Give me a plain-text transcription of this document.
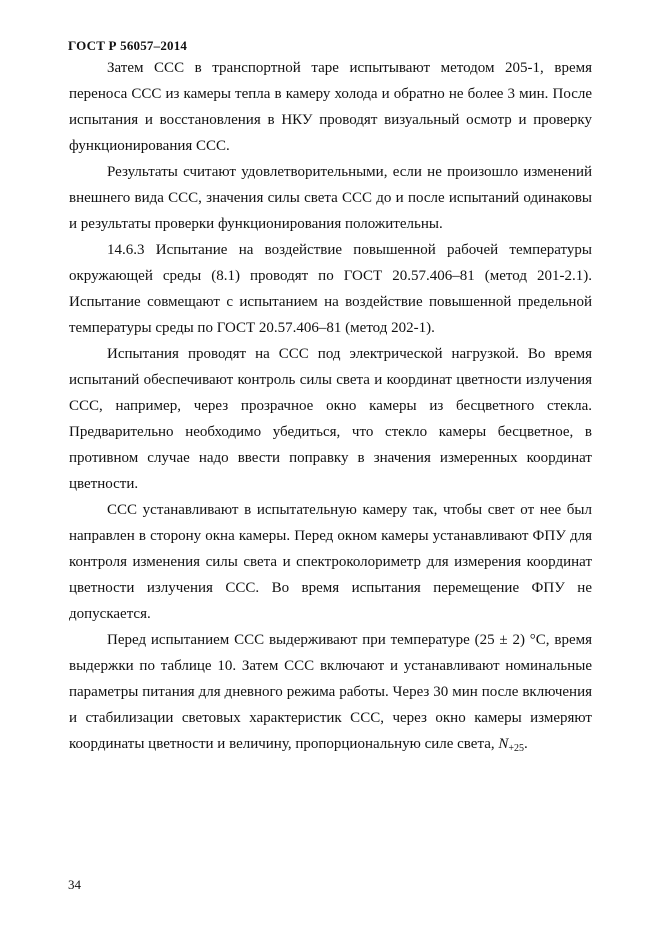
ГОСТ Р 56057–2014

Затем ССС в транспортной таре испытывают методом 205-1, время переноса ССС из камеры тепла в камеру холода и обратно не более 3 мин. После испытания и восстановления в НКУ проводят визуальный осмотр и проверку функционирования ССС.

Результаты считают удовлетворительными, если не произошло изменений внешнего вида ССС, значения силы света ССС до и после испытаний одинаковы и результаты проверки функционирования положительны.

14.6.3 Испытание на воздействие повышенной рабочей температуры окружающей среды (8.1) проводят по ГОСТ 20.57.406–81 (метод 201-2.1). Испытание совмещают с испытанием на воздействие повышенной предельной температуры среды по ГОСТ 20.57.406–81 (метод 202-1).

Испытания проводят на ССС под электрической нагрузкой. Во время испытаний обеспечивают контроль силы света и координат цветности излучения ССС, например, через прозрачное окно камеры из бесцветного стекла. Предварительно необходимо убедиться, что стекло камеры бесцветное, в противном случае надо ввести поправку в значения измеренных координат цветности.

ССС устанавливают в испытательную камеру так, чтобы свет от нее был направлен в сторону окна камеры. Перед окном камеры устанавливают ФПУ для контроля изменения силы света и спектроколориметр для измерения координат цветности излучения ССС. Во время испытания перемещение ФПУ не допускается.

Перед испытанием ССС выдерживают при температуре (25 ± 2) °С, время выдержки по таблице 10. Затем ССС включают и устанавливают номинальные параметры питания для дневного режима работы. Через 30 мин после включения и стабилизации световых характеристик ССС, через окно камеры измеряют координаты цветности и величину, пропорциональную силе света, $N_{+25}$.

34
